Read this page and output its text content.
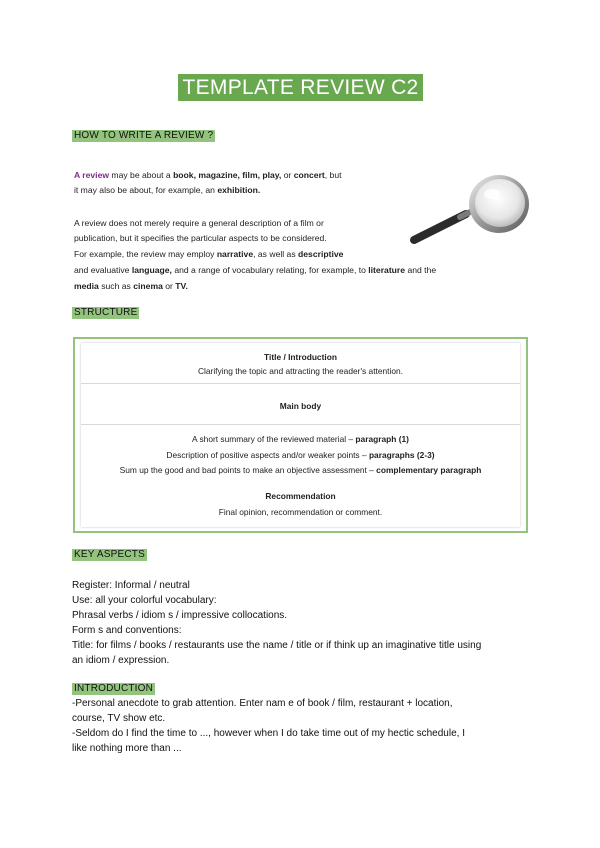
TEMPLATE REVIEW C2
HOW TO WRITE A REVIEW ?
A review may be about a book, magazine, film, play, or concert, but
it may also be about, for example, an exhibition.
A review does not merely require a general description of a film or
publication, but it specifies the particular aspects to be considered.
For example, the review may employ narrative, as well as descriptive
and evaluative language, and a range of vocabulary relating, for example, to literature and the
media such as cinema or TV.
STRUCTURE
Title / Introduction
Clarifying the topic and attracting the reader's attention.
Main body
A short summary of the reviewed material – paragraph (1)
Description of positive aspects and/or weaker points – paragraphs (2-3)
Sum up the good and bad points to make an objective assessment – complementary paragraph
Recommendation
Final opinion, recommendation or comment.
KEY ASPECTS
Register: Informal / neutral
Use: all your colorful vocabulary:
Phrasal verbs / idiom s / impressive collocations.
Form s and conventions:
Title: for films / books / restaurants use the name / title or if think up an imaginative title using
an idiom / expression.
INTRODUCTION
-Personal anecdote to grab attention. Enter nam e of book / film, restaurant + location,
course, TV show etc.
-Seldom do I find the time to ..., however when I do take time out of my hectic schedule, I
like nothing more than ...
